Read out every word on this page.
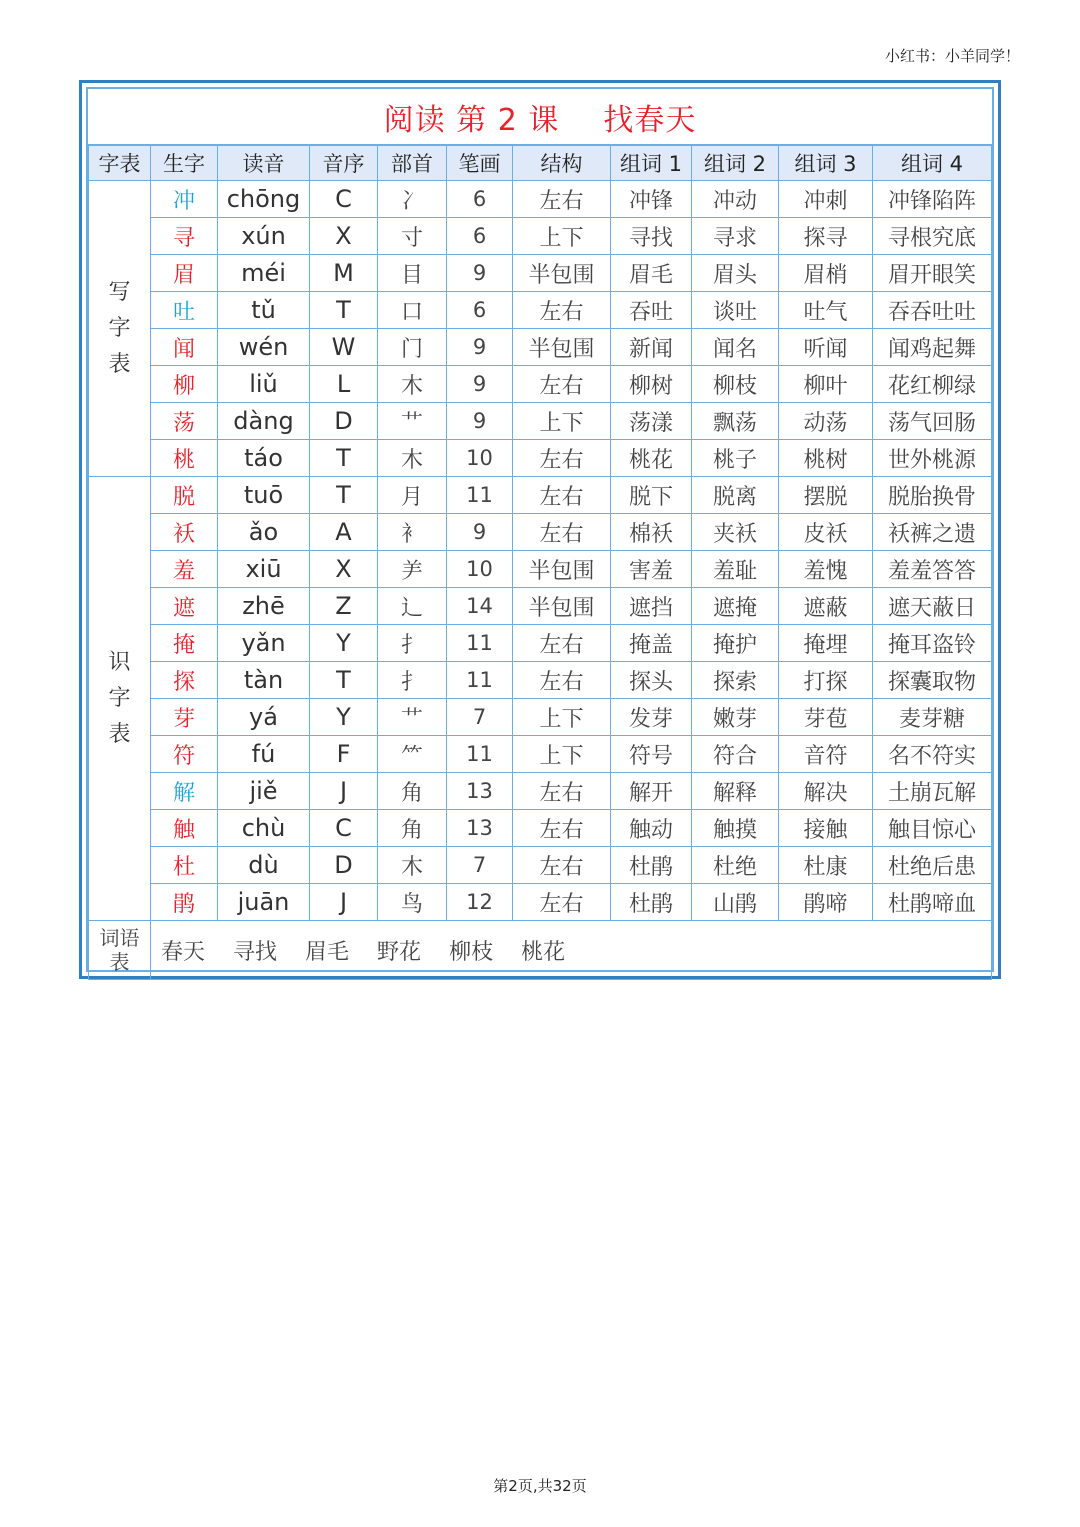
小红书：小羊同学！
阅读 第 2 课 找春天
字表	生字	读音	音序	部首	笔画	结构	组词 1	组词 2	组词 3	组词 4

写
字
表	冲	chōng	C	冫	6	左右	冲锋	冲动	冲刺	冲锋陷阵
	寻	xún	X	寸	6	上下	寻找	寻求	探寻	寻根究底
	眉	méi	M	目	9	半包围	眉毛	眉头	眉梢	眉开眼笑
	吐	tǔ	T	口	6	左右	吞吐	谈吐	吐气	吞吞吐吐
	闻	wén	W	门	9	半包围	新闻	闻名	听闻	闻鸡起舞
	柳	liǔ	L	木	9	左右	柳树	柳枝	柳叶	花红柳绿
	荡	dàng	D	艹	9	上下	荡漾	飘荡	动荡	荡气回肠
	桃	táo	T	木	10	左右	桃花	桃子	桃树	世外桃源

识
字
表	脱	tuō	T	月	11	左右	脱下	脱离	摆脱	脱胎换骨
	袄	ǎo	A	衤	9	左右	棉袄	夹袄	皮袄	袄裤之遗
	羞	xiū	X	⺶	10	半包围	害羞	羞耻	羞愧	羞羞答答
	遮	zhē	Z	辶	14	半包围	遮挡	遮掩	遮蔽	遮天蔽日
	掩	yǎn	Y	扌	11	左右	掩盖	掩护	掩埋	掩耳盗铃
	探	tàn	T	扌	11	左右	探头	探索	打探	探囊取物
	芽	yá	Y	艹	7	上下	发芽	嫩芽	芽苞	麦芽糖
	符	fú	F	⺮	11	上下	符号	符合	音符	名不符实
	解	jiě	J	角	13	左右	解开	解释	解决	土崩瓦解
	触	chù	C	角	13	左右	触动	触摸	接触	触目惊心
	杜	dù	D	木	7	左右	杜鹃	杜绝	杜康	杜绝后患
	鹃	juān	J	鸟	12	左右	杜鹃	山鹃	鹃啼	杜鹃啼血

词语
表	春天 寻找 眉毛 野花 柳枝 桃花									
第2页,共32页
